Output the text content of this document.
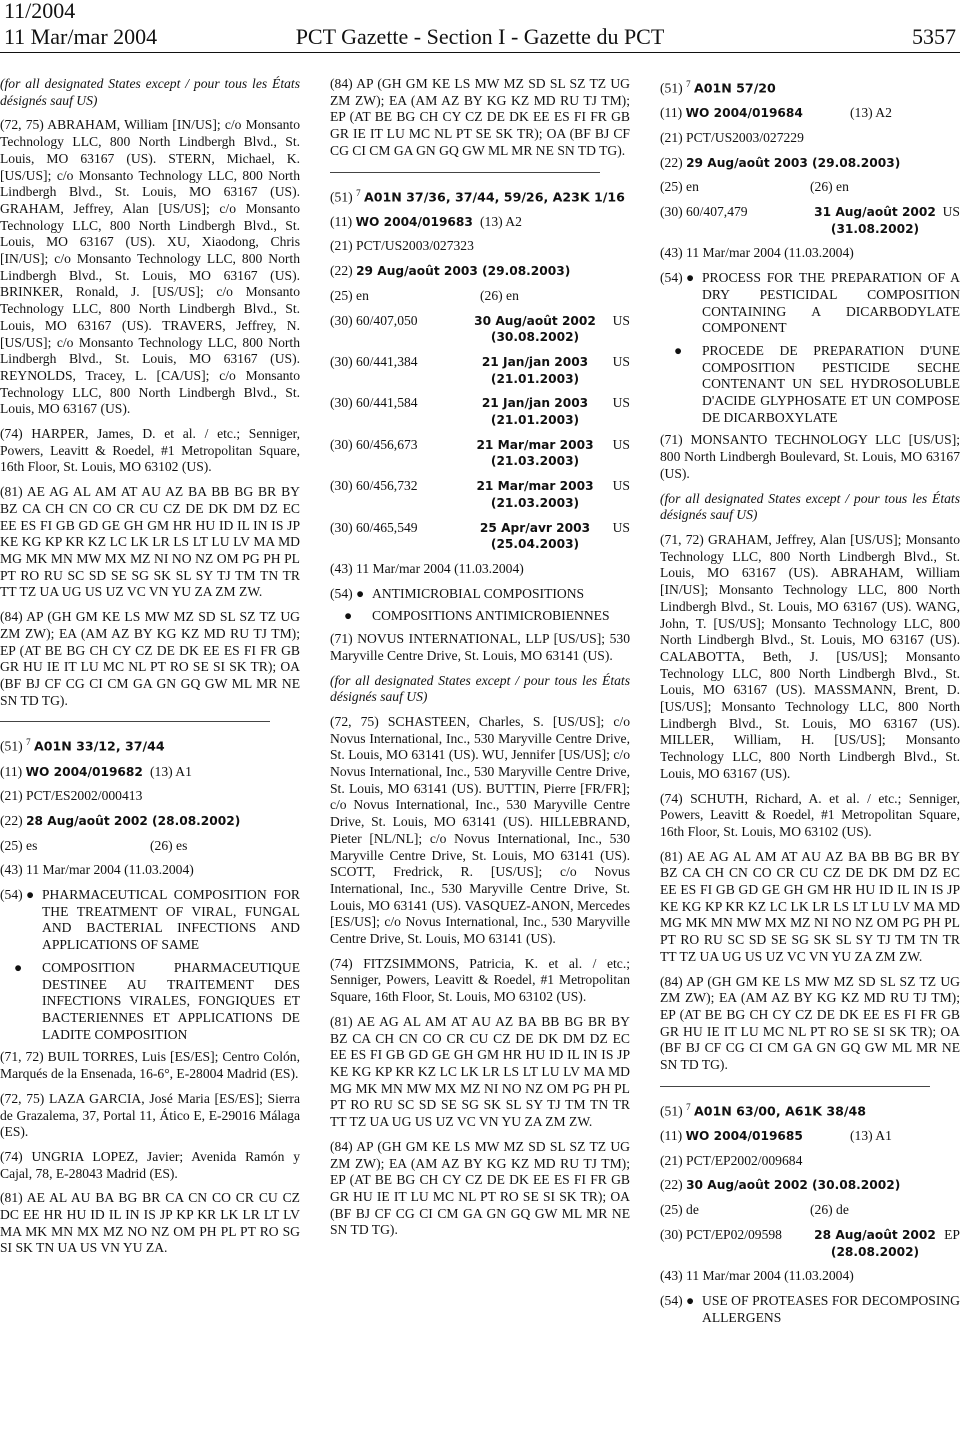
11/2004
11 Mar/mar 2004	PCT Gazette - Section I - Gazette du PCT	5357

(for all designated States except / pour tous les États désignés sauf US)

(72, 75) ABRAHAM, William [IN/US]; c/o Monsanto Technology LLC, 800 North Lindbergh Blvd., St. Louis, MO 63167 (US). STERN, Michael, K. [US/US]; c/o Monsanto Technology LLC, 800 North Lindbergh Blvd., St. Louis, MO 63167 (US). GRAHAM, Jeffrey, Alan [US/US]; c/o Monsanto Technology LLC, 800 North Lindbergh Blvd., St. Louis, MO 63167 (US). XU, Xiaodong, Chris [IN/US]; c/o Monsanto Technology LLC, 800 North Lindbergh Blvd., St. Louis, MO 63167 (US). BRINKER, Ronald, J. [US/US]; c/o Monsanto Technology LLC, 800 North Lindbergh Blvd., St. Louis, MO 63167 (US). TRAVERS, Jeffrey, N. [US/US]; c/o Monsanto Technology LLC, 800 North Lindbergh Blvd., St. Louis, MO 63167 (US). REYNOLDS, Tracey, L. [CA/US]; c/o Monsanto Technology LLC, 800 North Lindbergh Blvd., St. Louis, MO 63167 (US).

(74) HARPER, James, D. et al. / etc.; Senniger, Powers, Leavitt & Roedel, #1 Metropolitan Square, 16th Floor, St. Louis, MO 63102 (US).

(81) AE AG AL AM AT AU AZ BA BB BG BR BY BZ CA CH CN CO CR CU CZ DE DK DM DZ EC EE ES FI GB GD GE GH GM HR HU ID IL IN IS JP KE KG KP KR KZ LC LK LR LS LT LU LV MA MD MG MK MN MW MX MZ NI NO NZ OM PG PH PL PT RO RU SC SD SE SG SK SL SY TJ TM TN TR TT TZ UA UG US UZ VC VN YU ZA ZM ZW.

(84) AP (GH GM KE LS MW MZ SD SL SZ TZ UG ZM ZW); EA (AM AZ BY KG KZ MD RU TJ TM); EP (AT BE BG CH CY CZ DE DK EE ES FI FR GB GR HU IE IT LU MC NL PT RO SE SI SK TR); OA (BF BJ CF CG CI CM GA GN GQ GW ML MR NE SN TD TG).

(51) $^7$ A01N 33/12, 37/44

(11) WO 2004/019682 (13) A1

(21) PCT/ES2002/000413

(22) 28 Aug/août 2002 (28.08.2002)

(25) es	(26) es

(43) 11 Mar/mar 2004 (11.03.2004)

(54) ● PHARMACEUTICAL COMPOSITION FOR THE TREATMENT OF VIRAL, FUNGAL AND BACTERIAL INFECTIONS AND APPLICATIONS OF SAME
●	COMPOSITION PHARMACEUTIQUE DESTINEE AU TRAITEMENT DES INFECTIONS VIRALES, FONGIQUES ET BACTERIENNES ET APPLICATIONS DE LADITE COMPOSITION

(71, 72) BUIL TORRES, Luis [ES/ES]; Centro Colón, Marqués de la Ensenada, 16-6°, E-28004 Madrid (ES).

(72, 75) LAZA GARCIA, José Maria [ES/ES]; Sierra de Grazalema, 37, Portal 11, Ático E, E-29016 Málaga (ES).

(74) UNGRIA LOPEZ, Javier; Avenida Ramón y Cajal, 78, E-28043 Madrid (ES).

(81) AE AL AU BA BG BR CA CN CO CR CU CZ DC EE HR HU ID IL IN IS JP KP KR LK LR LT LV MA MK MN MX MZ NO NZ OM PH PL PT RO SG SI SK TN UA US VN YU ZA.

(84) AP (GH GM KE LS MW MZ SD SL SZ TZ UG ZM ZW); EA (AM AZ BY KG KZ MD RU TJ TM); EP (AT BE BG CH CY CZ DE DK EE ES FI FR GB GR IE IT LU MC NL PT SE SK TR); OA (BF BJ CF CG CI CM GA GN GQ GW ML MR NE SN TD TG).

(51) $^7$ A01N 37/36, 37/44, 59/26, A23K 1/16

(11) WO 2004/019683 (13) A2

(21) PCT/US2003/027323

(22) 29 Aug/août 2003 (29.08.2003)

(25) en	(26) en
(30) 60/407,050	30 Aug/août 2002
(30.08.2002)
US
(30) 60/441,384	21 Jan/jan 2003
(21.01.2003)
US
(30) 60/441,584	21 Jan/jan 2003
(21.01.2003)
US
(30) 60/456,673	21 Mar/mar 2003
(21.03.2003)
US
(30) 60/456,732	21 Mar/mar 2003
(21.03.2003)
US
(30) 60/465,549	25 Apr/avr 2003
(25.04.2003)
US

(43) 11 Mar/mar 2004 (11.03.2004)

(54) ● ANTIMICROBIAL COMPOSITIONS
●	COMPOSITIONS ANTIMICROBIENNES

(71) NOVUS INTERNATIONAL, LLP [US/US]; 530 Maryville Centre Drive, St. Louis, MO 63141 (US).

(for all designated States except / pour tous les États désignés sauf US)

(72, 75) SCHASTEEN, Charles, S. [US/US]; c/o Novus International, Inc., 530 Maryville Centre Drive, St. Louis, MO 63141 (US). WU, Jennifer [US/US]; c/o Novus International, Inc., 530 Maryville Centre Drive, St. Louis, MO 63141 (US). BUTTIN, Pierre [FR/FR]; c/o Novus International, Inc., 530 Maryville Centre Drive, St. Louis, MO 63141 (US). HILLEBRAND, Pieter [NL/NL]; c/o Novus International, Inc., 530 Maryville Centre Drive, St. Louis, MO 63141 (US). SCOTT, Fredrick, R. [US/US]; c/o Novus International, Inc., 530 Maryville Centre Drive, St. Louis, MO 63141 (US). VASQUEZ-ANON, Mercedes [ES/US]; c/o Novus International, Inc., 530 Maryville Centre Drive, St. Louis, MO 63141 (US).

(74) FITZSIMMONS, Patricia, K. et al. / etc.; Senniger, Powers, Leavitt & Roedel, #1 Metropolitan Square, 16th Floor, St. Louis, MO 63102 (US).

(81) AE AG AL AM AT AU AZ BA BB BG BR BY BZ CA CH CN CO CR CU CZ DE DK DM DZ EC EE ES FI GB GD GE GH GM HR HU ID IL IN IS JP KE KG KP KR KZ LC LK LR LS LT LU LV MA MD MG MK MN MW MX MZ NI NO NZ OM PG PH PL PT RO RU SC SD SE SG SK SL SY TJ TM TN TR TT TZ UA UG US UZ VC VN YU ZA ZM ZW.

(84) AP (GH GM KE LS MW MZ SD SL SZ TZ UG ZM ZW); EA (AM AZ BY KG KZ MD RU TJ TM); EP (AT BE BG CH CY CZ DE DK EE ES FI FR GB GR HU IE IT LU MC NL PT RO SE SI SK TR); OA (BF BJ CF CG CI CM GA GN GQ GW ML MR NE SN TD TG).

(51) $^7$ A01N 57/20

(11) WO 2004/019684	(13) A2

(21) PCT/US2003/027229

(22) 29 Aug/août 2003 (29.08.2003)

(25) en	(26) en
(30) 60/407,479	31 Aug/août 2002
(31.08.2002)
US

(43) 11 Mar/mar 2004 (11.03.2004)

(54) ● PROCESS FOR THE PREPARATION OF A DRY PESTICIDAL COMPOSITION CONTAINING A DICARBODYLATE COMPONENT
●	PROCEDE DE PREPARATION D'UNE COMPOSITION PESTICIDE SECHE CONTENANT UN SEL HYDROSOLUBLE D'ACIDE GLYPHOSATE ET UN COMPOSE DE DICARBOXYLATE

(71) MONSANTO TECHNOLOGY LLC [US/US]; 800 North Lindbergh Boulevard, St. Louis, MO 63167 (US).

(for all designated States except / pour tous les États désignés sauf US)

(71, 72) GRAHAM, Jeffrey, Alan [US/US]; Monsanto Technology LLC, 800 North Lindbergh Blvd., St. Louis, MO 63167 (US). ABRAHAM, William [IN/US]; Monsanto Technology LLC, 800 North Lindbergh Blvd., St. Louis, MO 63167 (US). WANG, John, T. [US/US]; Monsanto Technology LLC, 800 North Lindbergh Blvd., St. Louis, MO 63167 (US). CALABOTTA, Beth, J. [US/US]; Monsanto Technology LLC, 800 North Lindbergh Blvd., St. Louis, MO 63167 (US). MASSMANN, Brent, D. [US/US]; Monsanto Technology LLC, 800 North Lindbergh Blvd., St. Louis, MO 63167 (US). MILLER, William, H. [US/US]; Monsanto Technology LLC, 800 North Lindbergh Blvd., St. Louis, MO 63167 (US).

(74) SCHUTH, Richard, A. et al. / etc.; Senniger, Powers, Leavitt & Roedel, #1 Metropolitan Square, 16th Floor, St. Louis, MO 63102 (US).

(81) AE AG AL AM AT AU AZ BA BB BG BR BY BZ CA CH CN CO CR CU CZ DE DK DM DZ EC EE ES FI GB GD GE GH GM HR HU ID IL IN IS JP KE KG KP KR KZ LC LK LR LS LT LU LV MA MD MG MK MN MW MX MZ NI NO NZ OM PG PH PL PT RO RU SC SD SE SG SK SL SY TJ TM TN TR TT TZ UA UG US UZ VC VN YU ZA ZM ZW.

(84) AP (GH GM KE LS MW MZ SD SL SZ TZ UG ZM ZW); EA (AM AZ BY KG KZ MD RU TJ TM); EP (AT BE BG CH CY CZ DE DK EE ES FI FR GB GR HU IE IT LU MC NL PT RO SE SI SK TR); OA (BF BJ CF CG CI CM GA GN GQ GW ML MR NE SN TD TG).

(51) $^7$ A01N 63/00, A61K 38/48

(11) WO 2004/019685	(13) A1

(21) PCT/EP2002/009684

(22) 30 Aug/août 2002 (30.08.2002)

(25) de	(26) de
(30) PCT/EP02/09598	28 Aug/août 2002
(28.08.2002)
EP

(43) 11 Mar/mar 2004 (11.03.2004)

(54) ● USE OF PROTEASES FOR DECOMPOSING ALLERGENS
